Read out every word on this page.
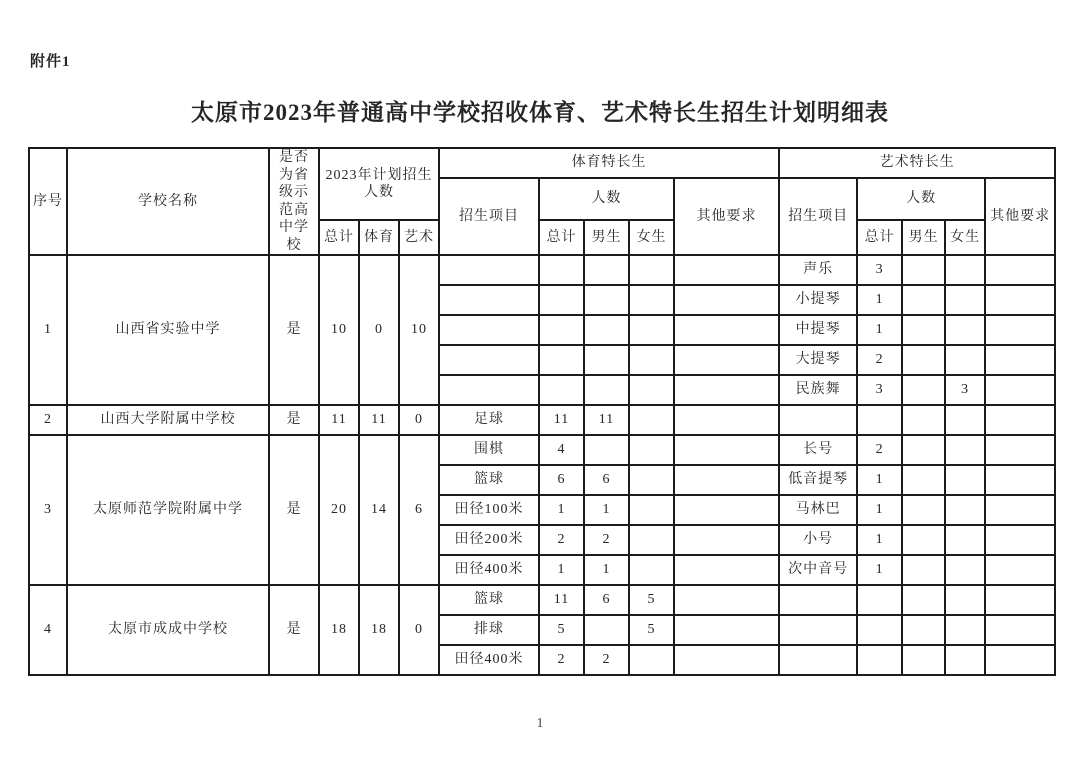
附件1
太原市2023年普通高中学校招收体育、艺术特长生招生计划明细表
序号	学校名称	是否为省级示范高中学校	2023年计划招生人数			体育特长生					艺术特长生				
						招生项目	人数			其他要求	招生项目	人数			其他要求
			总计	体育	艺术		总计	男生	女生			总计	男生	女生	
1	山西省实验中学	是	10	0	10						声乐	3			
											小提琴	1			
											中提琴	1			
											大提琴	2			
											民族舞	3		3	
2	山西大学附属中学校	是	11	11	0	足球	11	11							
3	太原师范学院附属中学	是	20	14	6	围棋	4				长号	2			
						篮球	6	6			低音提琴	1			
						田径100米	1	1			马林巴	1			
						田径200米	2	2			小号	1			
						田径400米	1	1			次中音号	1			
4	太原市成成中学校	是	18	18	0	篮球	11	6	5						
						排球	5		5						
						田径400米	2	2							
1
